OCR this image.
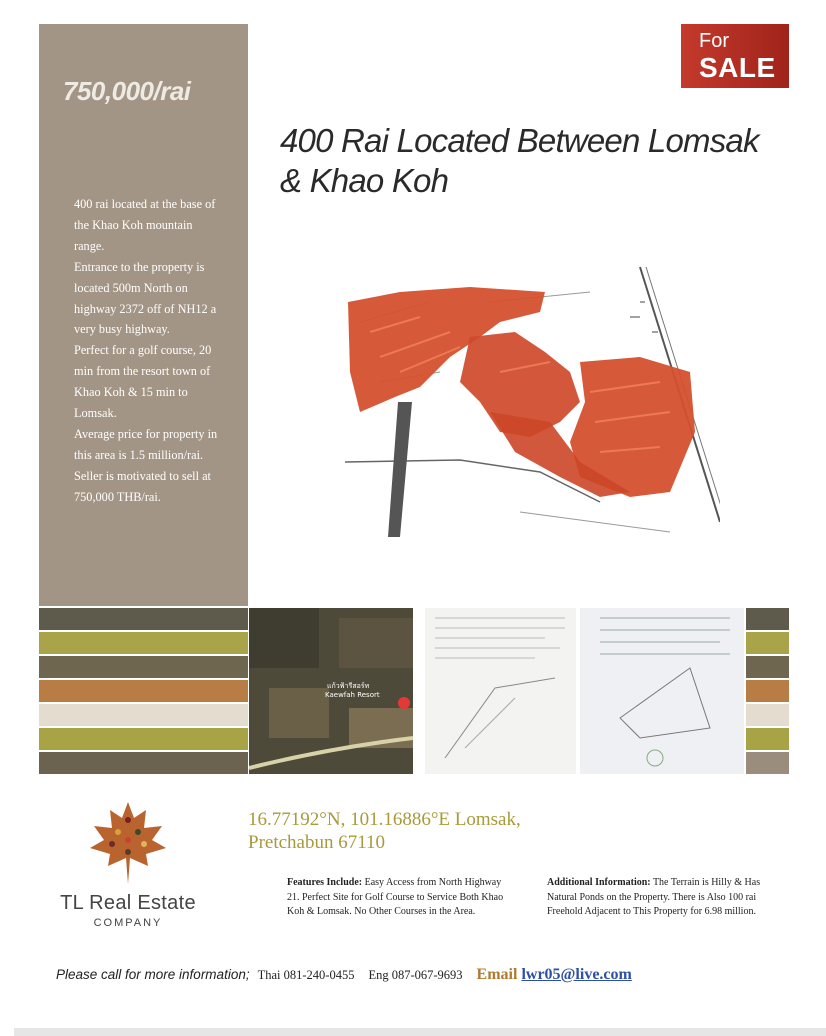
750,000/rai

400 rai located at the base of the Khao Koh mountain range.

Entrance to the property is located 500m North on highway 2372 off of NH12 a very busy highway.

Perfect for a golf course, 20 min from the resort town of Khao Koh & 15 min to Lomsak.

Average price for property in this area is 1.5 million/rai.

Seller is motivated to sell at 750,000 THB/rai.

For
SALE
400 Rai Located Between Lomsak & Khao Koh
แก้วฟ้ารีสอร์ท
Kaewfah Resort
TL Real Estate
COMPANY
16.77192°N, 101.16886°E Lomsak, Pretchabun 67110
Features Include: Easy Access from North Highway 21. Perfect Site for Golf Course to Service Both Khao Koh & Lomsak. No Other Courses in the Area.
Additional Information: The Terrain is Hilly & Has Natural Ponds on the Property. There is Also 100 rai Freehold Adjacent to This Property for 6.98 million.
Please call for more information; Thai 081-240-0455 Eng 087-067-9693 Email lwr05@live.com
